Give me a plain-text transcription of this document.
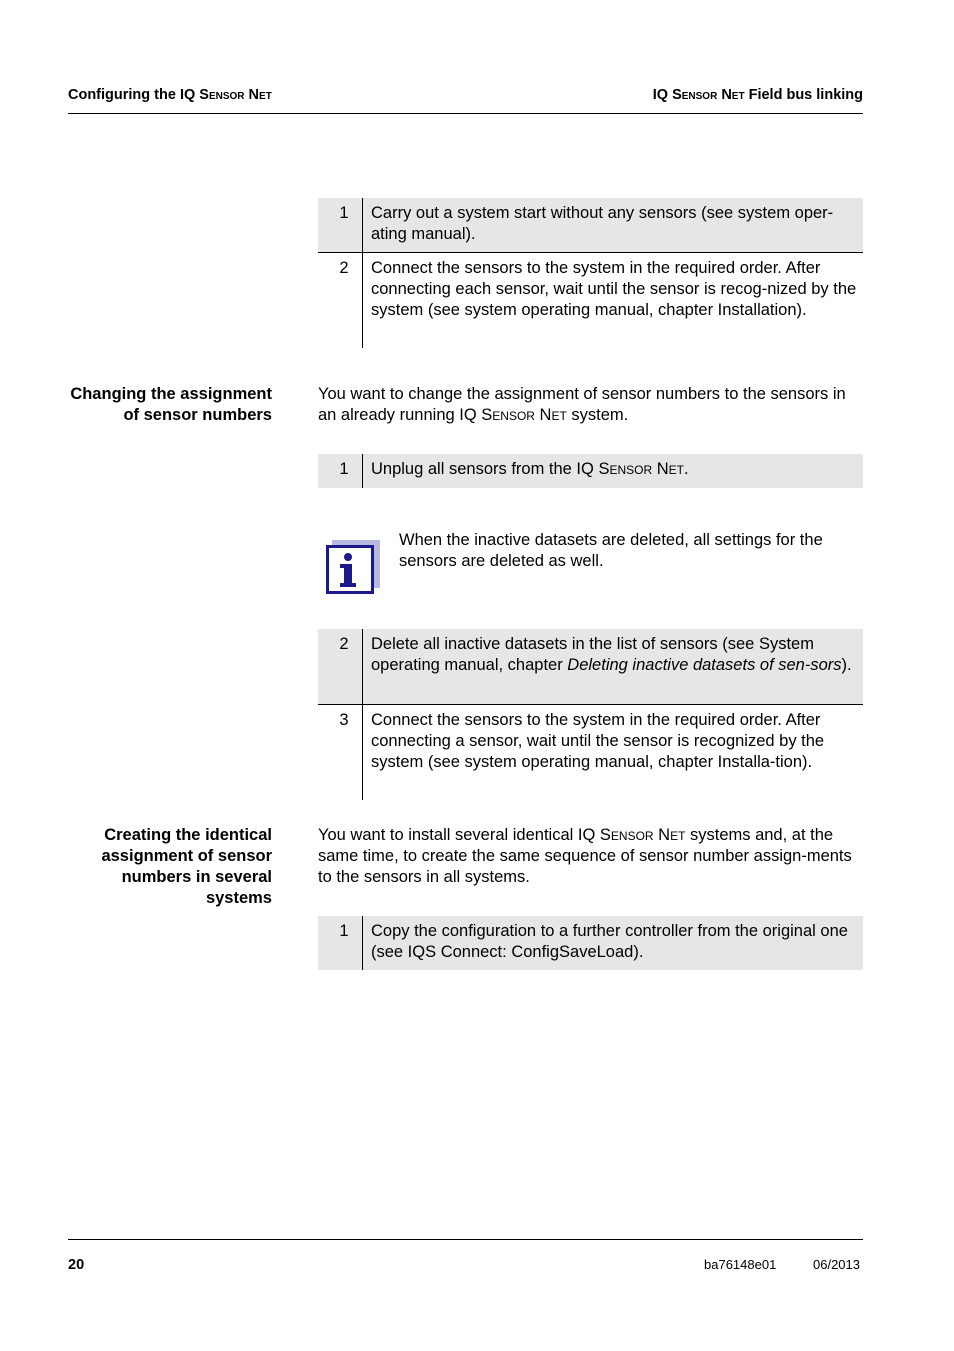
Configuring the IQ Sensor Net	IQ Sensor Net Field bus linking
1	Carry out a system start without any sensors (see system oper-ating manual).
2	Connect the sensors to the system in the required order. After connecting each sensor, wait until the sensor is recog-nized by the system (see system operating manual, chapter Installation).
Changing the assignment of sensor numbers
You want to change the assignment of sensor numbers to the sensors in an already running IQ Sensor Net system.
1	Unplug all sensors from the IQ Sensor Net.
When the inactive datasets are deleted, all settings for the sensors are deleted as well.
2	Delete all inactive datasets in the list of sensors (see System operating manual, chapter Deleting inactive datasets of sen-sors).
3	Connect the sensors to the system in the required order. After connecting a sensor, wait until the sensor is recognized by the system (see system operating manual, chapter Installa-tion).
Creating the identical assignment of sensor numbers in several systems
You want to install several identical IQ Sensor Net systems and, at the same time, to create the same sequence of sensor number assign-ments to the sensors in all systems.
1	Copy the configuration to a further controller from the original one (see IQS Connect: ConfigSaveLoad).
20	ba76148e01	06/2013
